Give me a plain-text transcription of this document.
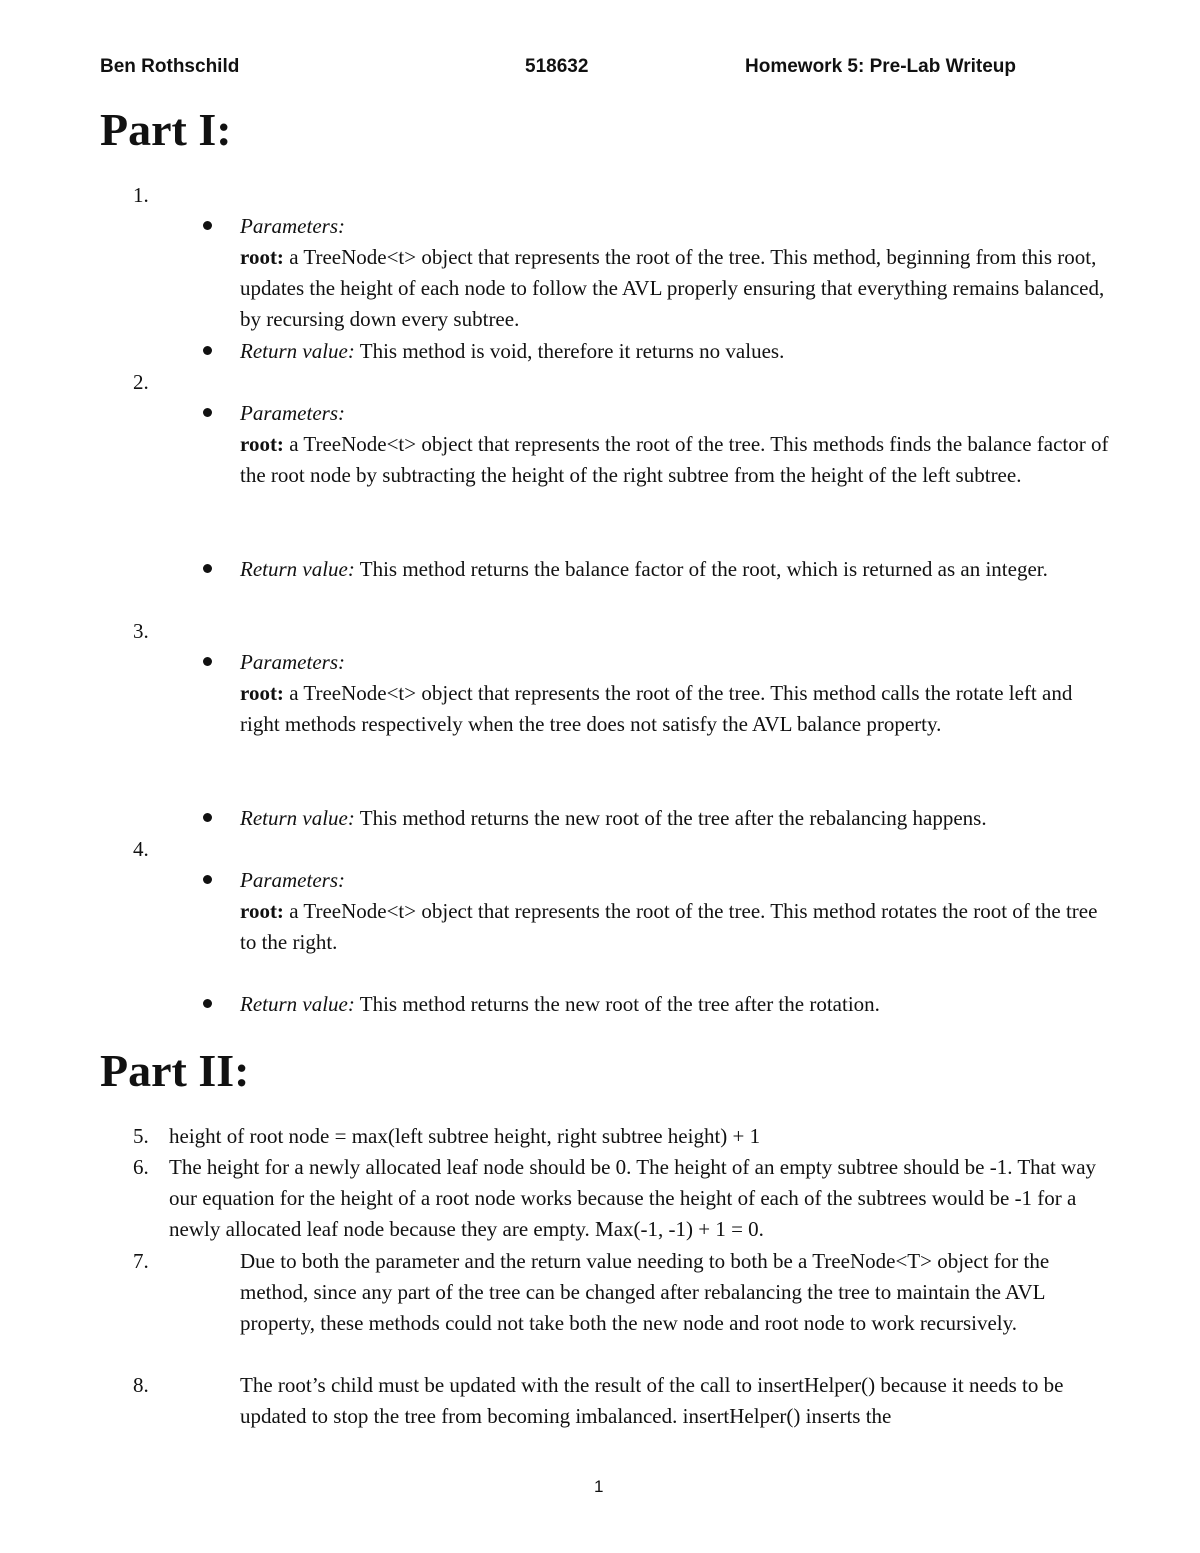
Ben Rothschild	518632	Homework 5: Pre-Lab Writeup
Part I:
1.
Parameters:
root: a TreeNode<t> object that represents the root of the tree. This method, beginning from this root, updates the height of each node to follow the AVL properly ensuring that everything remains balanced, by recursing down every subtree.
Return value: This method is void, therefore it returns no values.
2.
Parameters:
root: a TreeNode<t> object that represents the root of the tree. This methods finds the balance factor of the root node by subtracting the height of the right subtree from the height of the left subtree.
Return value: This method returns the balance factor of the root, which is returned as an integer.
3.
Parameters:
root: a TreeNode<t> object that represents the root of the tree. This method calls the rotate left and right methods respectively when the tree does not satisfy the AVL balance property.
Return value: This method returns the new root of the tree after the rebalancing happens.
4.
Parameters:
root: a TreeNode<t> object that represents the root of the tree. This method rotates the root of the tree to the right.
Return value: This method returns the new root of the tree after the rotation.
Part II:
5. height of root node = max(left subtree height, right subtree height) + 1
6. The height for a newly allocated leaf node should be 0. The height of an empty subtree should be -1. That way our equation for the height of a root node works because the height of each of the subtrees would be -1 for a newly allocated leaf node because they are empty. Max(-1, -1) + 1 = 0.
7.	Due to both the parameter and the return value needing to both be a TreeNode<T> object for the method, since any part of the tree can be changed after rebalancing the tree to maintain the AVL property, these methods could not take both the new node and root node to work recursively.
8.	The root’s child must be updated with the result of the call to insertHelper() because it needs to be updated to stop the tree from becoming imbalanced. insertHelper() inserts the
1
